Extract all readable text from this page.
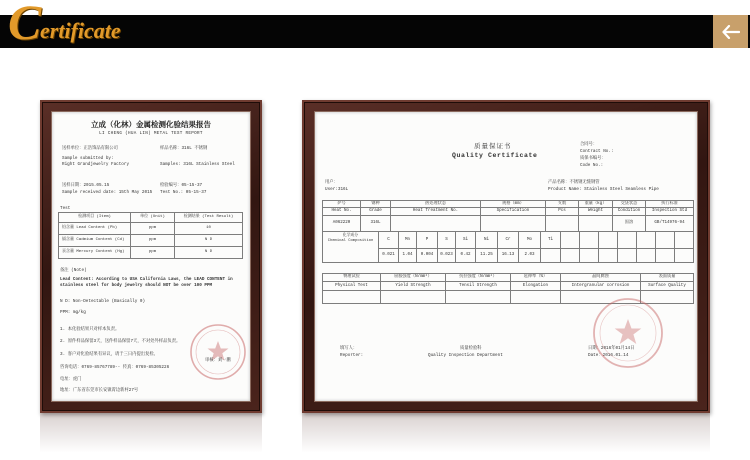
C
ertificate
立成（化林）金属检测化验结果报告
LI CHENG (HUA LIN) METAL TEST REPORT
送样单位：正浩饰品有限公司	样品名称：316L 不锈钢
Sample submitted by:
Right Grandjewelry Factory	Samples: 316L Stainless Steel
送样日期：2015.05.15	检验编号：05-15-37
Sample received date: 15th May 2015 Test No.: 05-15-37
Test
检测项目 (Item)	单位 (Unit)	检测结果 (Test Result)
铅含量 Lead Content (Pb)	ppm	10
镉含量 Cadmium Content (Cd)	ppm	N D
汞含量 Mercury Content (Hg)	ppm	N D
备注 (Note)
Lead Content: According to USA California Laws, the LEAD CONTENT in stainless steel for body jewelry should NOT be over 100 PPM
N D: Non-Detectable (Basically 0)
PPM: mg/kg
1. 本化验结果只对样本负责。
2. 原件样品保留3天，送件样品保留7天，不对处外样品负责。
3. 客户对化验结果有异议，请于三日内提出复检。
咨询电话：0769-85767789-- 传真：0769-85305226
电址：虎门
地址：广东省东莞市长安镇霄边新村27号
审核：刘一鹏
质量保证书
Quality Certificate
合同号：
Contract No.:
质保书编号：
Code No.:
用户：
User:316L
产品名称：不锈钢无缝钢管
Product Name: Stainless Steel Seamless Pipe
炉号	钢种	热处理状态	规格（mm）	支数	重量（kg）	交货状态	执行标准
Heat No.	Grade	Heat Treatment No.	Specification	Pcs	Weight	Condition	Inspection Std
A062220	316L					固溶	GB/T14976-94
化学成分
Chemical Composition	C	Mn	P	S	Si	Ni	Cr	Mo	Ti							
	0.021	1.04	0.004	0.023	0.42	11.25	16.13	2.03								
物理试验	屈服强度（N/mm²）	抗拉强度（N/mm²）	延伸率（%）	晶间腐蚀	表面质量
Physical Test	Yield Strength	Tensil Strength	Elongation	Intergranular corrosion	Surface Quality

填写人：
Reporter:
质量检验科
Quality Inspection Department
日期：2016年01月14日
Date：2016.01.14
